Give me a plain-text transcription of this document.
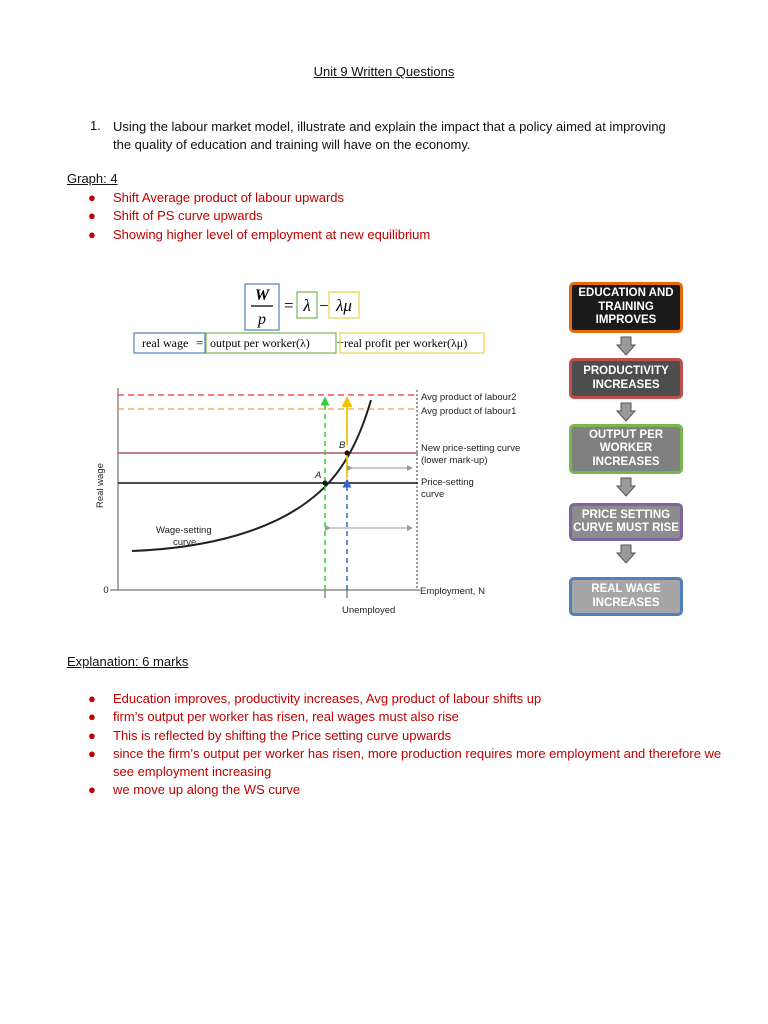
Unit 9 Written Questions
1. Using the labour market model, illustrate and explain the impact that a policy aimed at improving the quality of education and training will have on the economy.
Graph: 4
● Shift Average product of labour upwards
● Shift of PS curve upwards
● Showing higher level of employment at new equilibrium
W
p
= λ − λμ
real wage = output per worker(λ) − real profit per worker(λμ)
0
Real wage
Employment, N
A
B
Wage-setting
curve
Avg product of labour2
Avg product of labour1
New price-setting curve
(lower mark-up)
Price-setting
curve
Unemployed
EDUCATION AND
TRAINING
IMPROVES
PRODUCTIVITY
INCREASES
OUTPUT PER
WORKER
INCREASES
PRICE SETTING
CURVE MUST RISE
REAL WAGE
INCREASES
Explanation: 6 marks
● Education improves, productivity increases, Avg product of labour shifts up
● firm’s output per worker has risen, real wages must also rise
● This is reflected by shifting the Price setting curve upwards
● since the firm’s output per worker has risen, more production requires more employment and therefore we see employment increasing
● we move up along the WS curve
